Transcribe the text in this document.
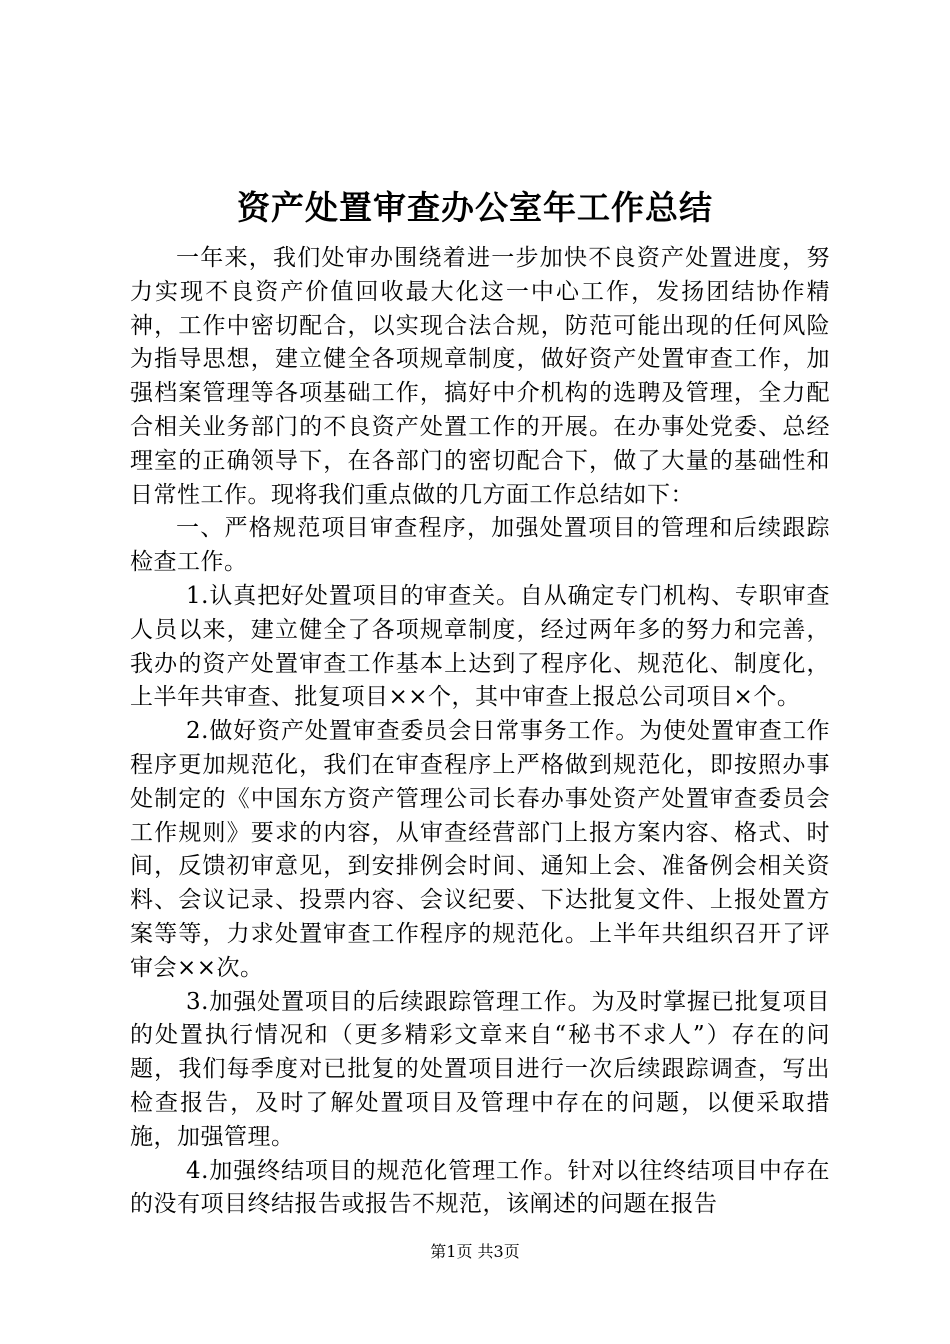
资产处置审查办公室年工作总结

一年来，我们处审办围绕着进一步加快不良资产处置进度，努力实现不良资产价值回收最大化这一中心工作，发扬团结协作精神，工作中密切配合，以实现合法合规，防范可能出现的任何风险为指导思想，建立健全各项规章制度，做好资产处置审查工作，加强档案管理等各项基础工作，搞好中介机构的选聘及管理，全力配合相关业务部门的不良资产处置工作的开展。在办事处党委、总经理室的正确领导下，在各部门的密切配合下，做了大量的基础性和日常性工作。现将我们重点做的几方面工作总结如下：

一、严格规范项目审查程序，加强处置项目的管理和后续跟踪检查工作。

1.认真把好处置项目的审查关。自从确定专门机构、专职审查人员以来，建立健全了各项规章制度，经过两年多的努力和完善，我办的资产处置审查工作基本上达到了程序化、规范化、制度化，上半年共审查、批复项目××个，其中审查上报总公司项目×个。

2.做好资产处置审查委员会日常事务工作。为使处置审查工作程序更加规范化，我们在审查程序上严格做到规范化，即按照办事处制定的《中国东方资产管理公司长春办事处资产处置审查委员会工作规则》要求的内容，从审查经营部门上报方案内容、格式、时间，反馈初审意见，到安排例会时间、通知上会、准备例会相关资料、会议记录、投票内容、会议纪要、下达批复文件、上报处置方案等等，力求处置审查工作程序的规范化。上半年共组织召开了评审会××次。

3.加强处置项目的后续跟踪管理工作。为及时掌握已批复项目的处置执行情况和（更多精彩文章来自“秘书不求人”）存在的问题，我们每季度对已批复的处置项目进行一次后续跟踪调查，写出检查报告，及时了解处置项目及管理中存在的问题，以便采取措施，加强管理。

4.加强终结项目的规范化管理工作。针对以往终结项目中存在的没有项目终结报告或报告不规范，该阐述的问题在报告

第1页 共3页
